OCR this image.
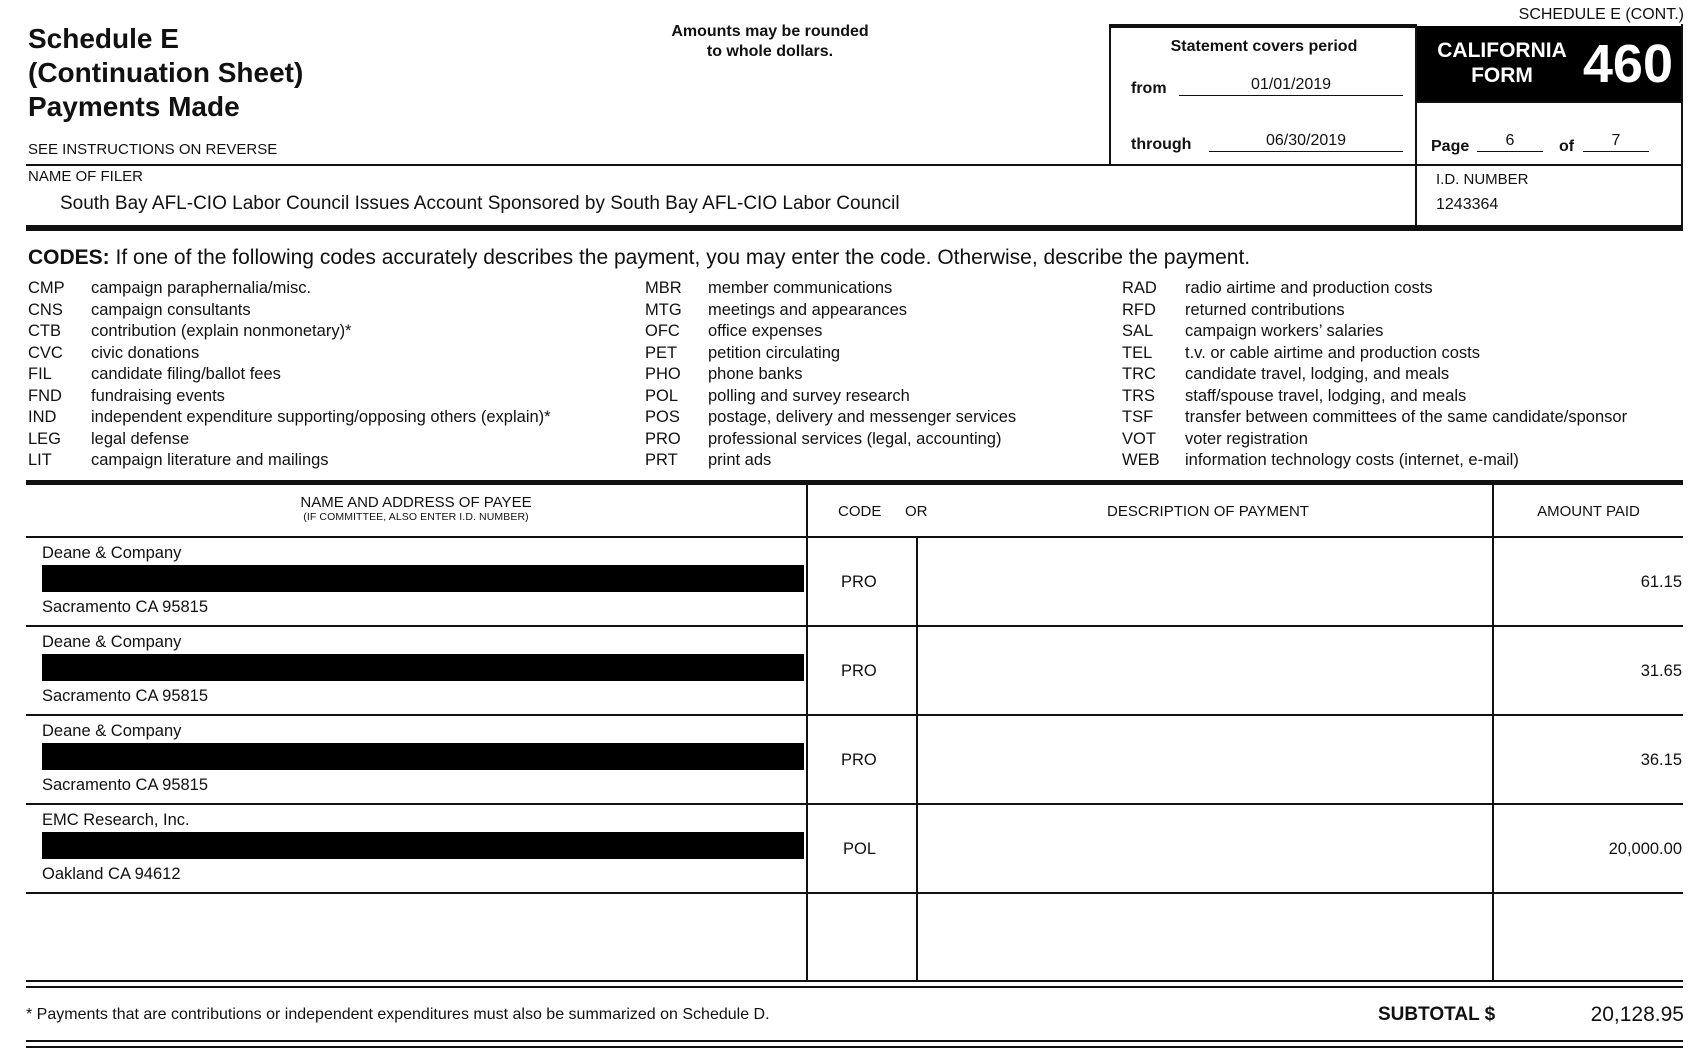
Schedule E
(Continuation Sheet)
Payments Made
SEE INSTRUCTIONS ON REVERSE
Amounts may be rounded
to whole dollars.
SCHEDULE E (CONT.)
Statement covers period
from	01/01/2019
through	06/30/2019
CALIFORNIA
FORM 460
Page	6	of	7
NAME OF FILER
South Bay AFL-CIO Labor Council Issues Account Sponsored by South Bay AFL-CIO Labor Council
I.D. NUMBER
1243364
CODES: If one of the following codes accurately describes the payment, you may enter the code. Otherwise, describe the payment.
CMP	campaign paraphernalia/misc.
CNS	campaign consultants
CTB	contribution (explain nonmonetary)*
CVC	civic donations
FIL	candidate filing/ballot fees
FND	fundraising events
IND	independent expenditure supporting/opposing others (explain)*
LEG	legal defense
LIT	campaign literature and mailings
MBR	member communications
MTG	meetings and appearances
OFC	office expenses
PET	petition circulating
PHO	phone banks
POL	polling and survey research
POS	postage, delivery and messenger services
PRO	professional services (legal, accounting)
PRT	print ads
RAD	radio airtime and production costs
RFD	returned contributions
SAL	campaign workers’ salaries
TEL	t.v. or cable airtime and production costs
TRC	candidate travel, lodging, and meals
TRS	staff/spouse travel, lodging, and meals
TSF	transfer between committees of the same candidate/sponsor
VOT	voter registration
WEB	information technology costs (internet, e-mail)
NAME AND ADDRESS OF PAYEE
(IF COMMITTEE, ALSO ENTER I.D. NUMBER)	CODE OR	DESCRIPTION OF PAYMENT	AMOUNT PAID
Deane & Company
Sacramento CA 95815
PRO	61.15
Deane & Company
Sacramento CA 95815
PRO	31.65
Deane & Company
Sacramento CA 95815
PRO	36.15
EMC Research, Inc.
Oakland CA 94612
POL	20,000.00
* Payments that are contributions or independent expenditures must also be summarized on Schedule D.	SUBTOTAL $	20,128.95
